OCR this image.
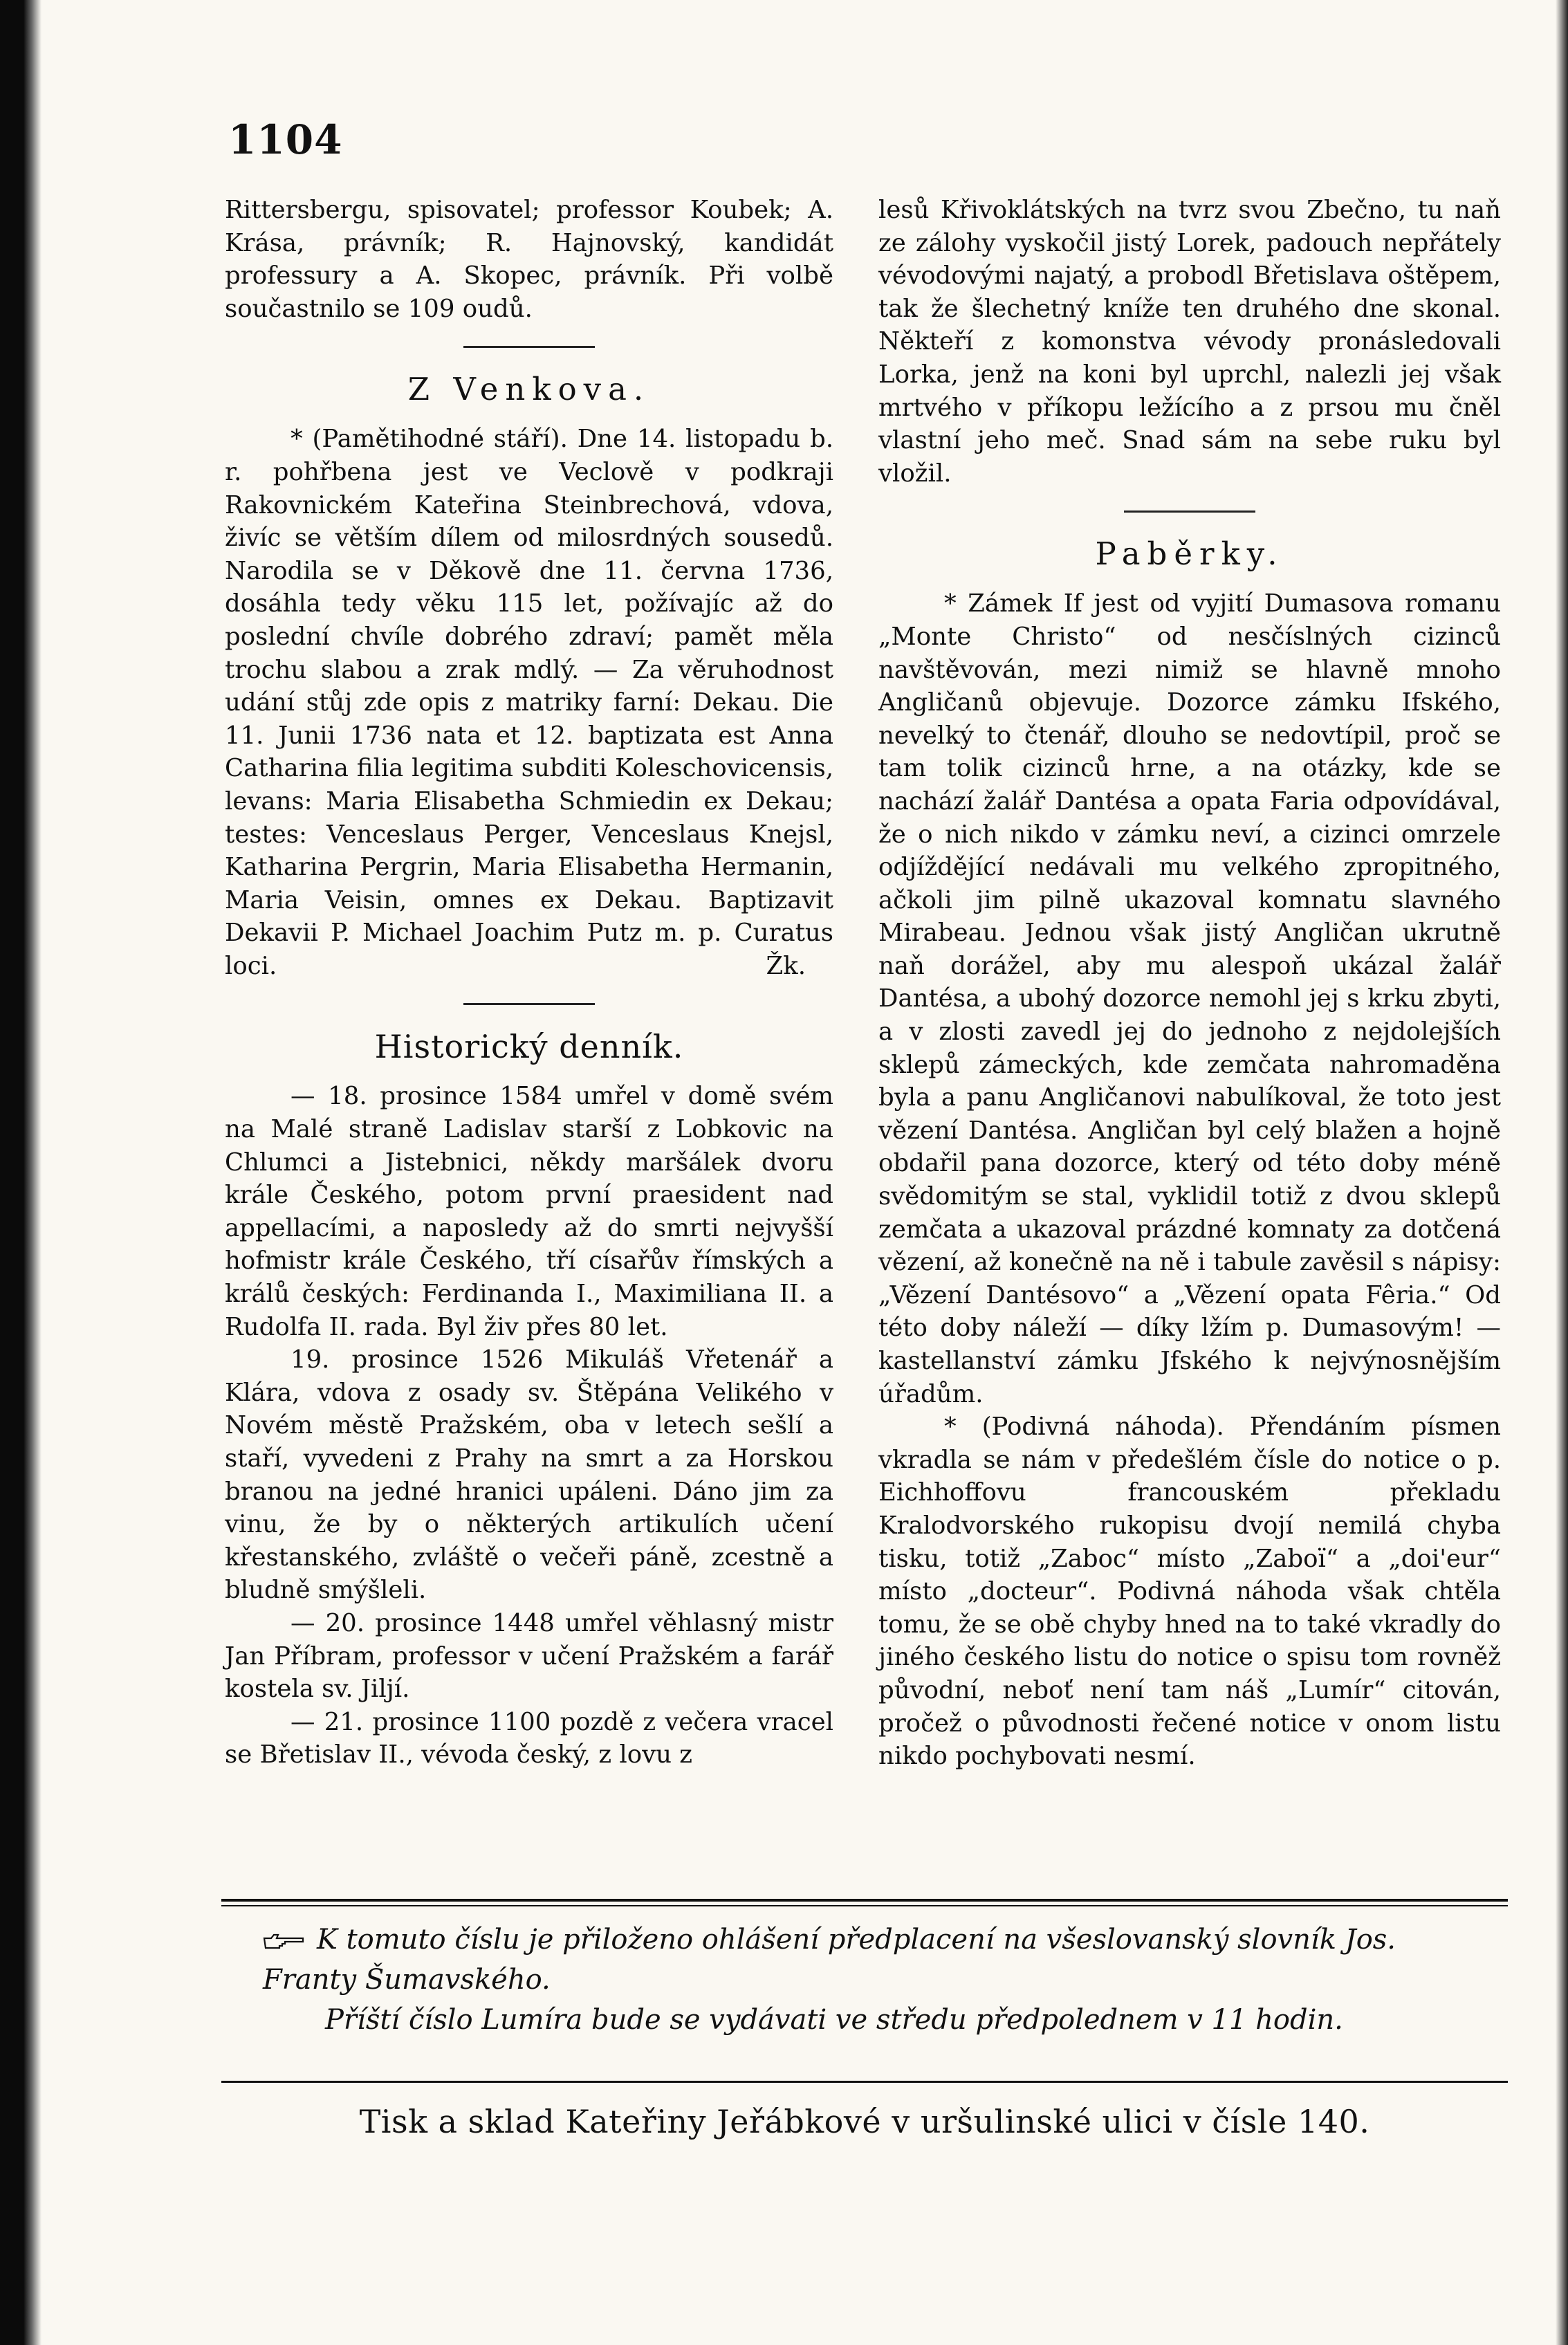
1104

Rittersbergu, spisovatel; professor Koubek; A. Krása, právník; R. Hajnovský, kandidát professury a A. Skopec, právník. Při volbě součastnilo se 109 oudů.

Z Venkova.

* (Pamětihodné stáří). Dne 14. listopadu b. r. pohřbena jest ve Veclově v podkraji Rakovnickém Kateřina Steinbrechová, vdova, živíc se větším dílem od milosrdných sousedů. Narodila se v Děkově dne 11. června 1736, dosáhla tedy věku 115 let, požívajíc až do poslední chvíle dobrého zdraví; pamět měla trochu slabou a zrak mdlý. — Za věruhodnost udání stůj zde opis z matriky farní: Dekau. Die 11. Junii 1736 nata et 12. baptizata est Anna Catharina filia legitima subditi Koleschovicensis, levans: Maria Elisabetha Schmiedin ex Dekau; testes: Venceslaus Perger, Venceslaus Knejsl, Katharina Pergrin, Maria Elisabetha Hermanin, Maria Veisin, omnes ex Dekau. Baptizavit Dekavii P. Michael Joachim Putz m. p. Curatus loci.	Žk.
Historický denník.

— 18. prosince 1584 umřel v domě svém na Malé straně Ladislav starší z Lobkovic na Chlumci a Jistebnici, někdy maršálek dvoru krále Českého, potom první praesident nad appellacími, a naposledy až do smrti nejvyšší hofmistr krále Českého, tří císařův římských a králů českých: Ferdinanda I., Maximiliana II. a Rudolfa II. rada. Byl živ přes 80 let.

19. prosince 1526 Mikuláš Vřetenář a Klára, vdova z osady sv. Štěpána Velikého v Novém městě Pražském, oba v letech sešlí a staří, vyvedeni z Prahy na smrt a za Horskou branou na jedné hranici upáleni. Dáno jim za vinu, že by o některých artikulích učení křestanského, zvláště o večeři páně, zcestně a bludně smýšleli.

— 20. prosince 1448 umřel věhlasný mistr Jan Příbram, professor v učení Pražském a farář kostela sv. Jiljí.

— 21. prosince 1100 pozdě z večera vracel se Břetislav II., vévoda český, z lovu z

lesů Křivoklátských na tvrz svou Zbečno, tu naň ze zálohy vyskočil jistý Lorek, padouch nepřátely vévodovými najatý, a probodl Břetislava oštěpem, tak že šlechetný kníže ten druhého dne skonal. Někteří z komonstva vévody pronásledovali Lorka, jenž na koni byl uprchl, nalezli jej však mrtvého v příkopu ležícího a z prsou mu čněl vlastní jeho meč. Snad sám na sebe ruku byl vložil.

Paběrky.

* Zámek If jest od vyjití Dumasova romanu „Monte Christo“ od nesčíslných cizinců navštěvován, mezi nimiž se hlavně mnoho Angličanů objevuje. Dozorce zámku Ifského, nevelký to čtenář, dlouho se nedovtípil, proč se tam tolik cizinců hrne, a na otázky, kde se nachází žalář Dantésa a opata Faria odpovídával, že o nich nikdo v zámku neví, a cizinci omrzele odjíždějící nedávali mu velkého zpropitného, ačkoli jim pilně ukazoval komnatu slavného Mirabeau. Jednou však jistý Angličan ukrutně naň dorážel, aby mu alespoň ukázal žalář Dantésa, a ubohý dozorce nemohl jej s krku zbyti, a v zlosti zavedl jej do jednoho z nejdolejších sklepů zámeckých, kde zemčata nahromaděna byla a panu Angličanovi nabulíkoval, že toto jest vězení Dantésa. Angličan byl celý blažen a hojně obdařil pana dozorce, který od této doby méně svědomitým se stal, vyklidil totiž z dvou sklepů zemčata a ukazoval prázdné komnaty za dotčená vězení, až konečně na ně i tabule zavěsil s nápisy: „Vězení Dantésovo“ a „Vězení opata Fêria.“ Od této doby náleží — díky lžím p. Dumasovým! — kastellanství zámku Jfského k nejvýnosnějším úřadům.

* (Podivná náhoda). Přendáním písmen vkradla se nám v předešlém čísle do notice o p. Eichhoffovu francouském překladu Kralodvorského rukopisu dvojí nemilá chyba tisku, totiž „Zaboc“ místo „Zaboï“ a „doi'eur“ místo „docteur“. Podivná náhoda však chtěla tomu, že se obě chyby hned na to také vkradly do jiného českého listu do notice o spisu tom rovněž původní, neboť není tam náš „Lumír“ citován, pročež o původnosti řečené notice v onom listu nikdo pochybovati nesmí.

K tomuto číslu je přiloženo ohlášení předplacení na všeslovanský slovník Jos. Franty Šumavského.

Příští číslo Lumíra bude se vydávati ve středu předpolednem v 11 hodin.

Tisk a sklad Kateřiny Jeřábkové v uršulinské ulici v čísle 140.
